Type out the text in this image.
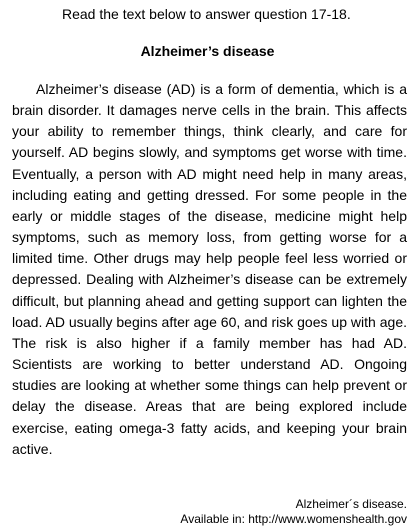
Read the text below to answer question 17-18.
Alzheimer’s disease

Alzheimer’s disease (AD) is a form of dementia, which is a brain disorder. It damages nerve cells in the brain. This affects your ability to remember things, think clearly, and care for yourself. AD begins slowly, and symptoms get worse with time. Eventually, a person with AD might need help in many areas, including eating and getting dressed. For some people in the early or middle stages of the disease, medicine might help symptoms, such as memory loss, from getting worse for a limited time. Other drugs may help people feel less worried or depressed. Dealing with Alzheimer’s disease can be extremely difficult, but planning ahead and getting support can lighten the load. AD usually begins after age 60, and risk goes up with age. The risk is also higher if a family member has had AD. Scientists are working to better understand AD. Ongoing studies are looking at whether some things can help prevent or delay the disease. Areas that are being explored include exercise, eating omega-3 fatty acids, and keeping your brain active.

Alzheimer´s disease.
Available in: http://www.womenshealth.gov
